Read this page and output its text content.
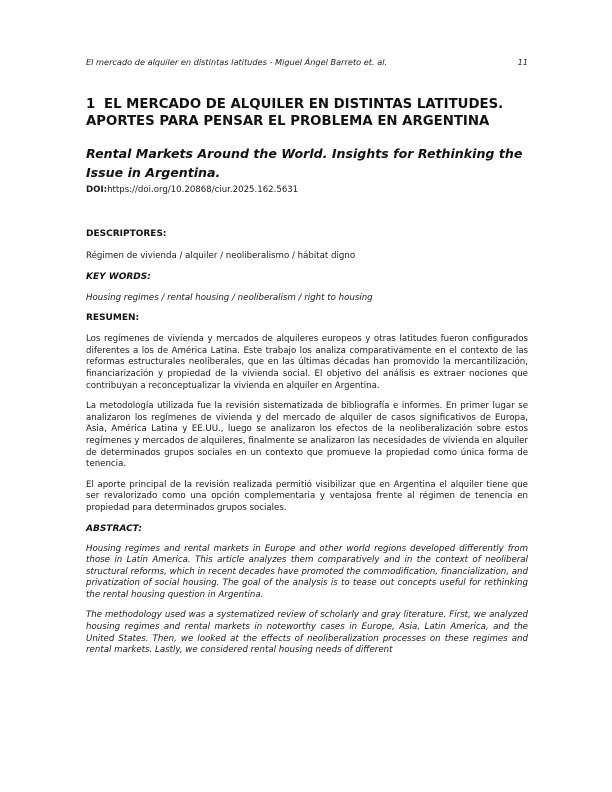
El mercado de alquiler en distintas latitudes - Miguel Ángel Barreto et. al.	11
1 EL MERCADO DE ALQUILER EN DISTINTAS LATITUDES.
APORTES PARA PENSAR EL PROBLEMA EN ARGENTINA
Rental Markets Around the World. Insights for Rethinking the Issue in Argentina.
DOI:https://doi.org/10.20868/ciur.2025.162.5631
DESCRIPTORES:

Régimen de vivienda / alquiler / neoliberalismo / hábitat digno

KEY WORDS:

Housing regimes / rental housing / neoliberalism / right to housing

RESUMEN:

Los regímenes de vivienda y mercados de alquileres europeos y otras latitudes fueron configurados diferentes a los de América Latina. Este trabajo los analiza comparativamente en el contexto de las reformas estructurales neoliberales, que en las últimas décadas han promovido la mercantilización, financiarización y propiedad de la vivienda social. El objetivo del análisis es extraer nociones que contribuyan a reconceptualizar la vivienda en alquiler en Argentina.

La metodología utilizada fue la revisión sistematizada de bibliografía e informes. En primer lugar se analizaron los regímenes de vivienda y del mercado de alquiler de casos significativos de Europa, Asia, América Latina y EE.UU., luego se analizaron los efectos de la neoliberalización sobre estos regímenes y mercados de alquileres, finalmente se analizaron las necesidades de vivienda en alquiler de determinados grupos sociales en un contexto que promueve la propiedad como única forma de tenencia.

El aporte principal de la revisión realizada permitió visibilizar que en Argentina el alquiler tiene que ser revalorizado como una opción complementaria y ventajosa frente al régimen de tenencia en propiedad para determinados grupos sociales.

ABSTRACT:

Housing regimes and rental markets in Europe and other world regions developed differently from those in Latin America. This article analyzes them comparatively and in the context of neoliberal structural reforms, which in recent decades have promoted the commodification, financialization, and privatization of social housing. The goal of the analysis is to tease out concepts useful for rethinking the rental housing question in Argentina.

The methodology used was a systematized review of scholarly and gray literature. First, we analyzed housing regimes and rental markets in noteworthy cases in Europe, Asia, Latin America, and the United States. Then, we looked at the effects of neoliberalization processes on these regimes and rental markets. Lastly, we considered rental housing needs of different
